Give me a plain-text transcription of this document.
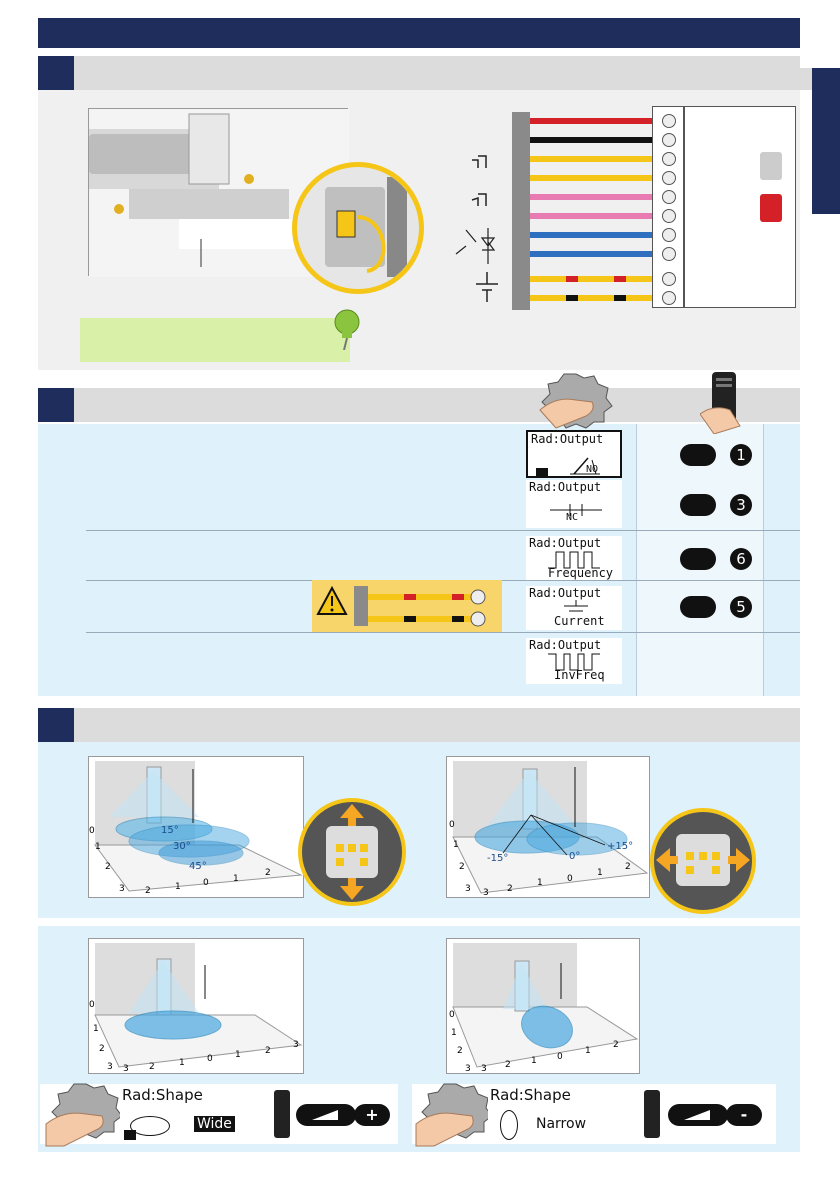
Rad:Output
NO
Rad:Output
NC
Rad:Output
Frequency
Rad:Output
Current
Rad:Output
InvFreq
1
3
6
5
15°
30°
45°
0
1
2
3 2	1 0	1
2
-15°	0°
+15°
0
1
2
3 3 2
1	0
1
2
0
1
2
3 3 2	1 0 1	2
3
0
1
2
3 3 2 1 0
1
2
Rad:Shape
Wide	+
Rad:Shape
Narrow	-
